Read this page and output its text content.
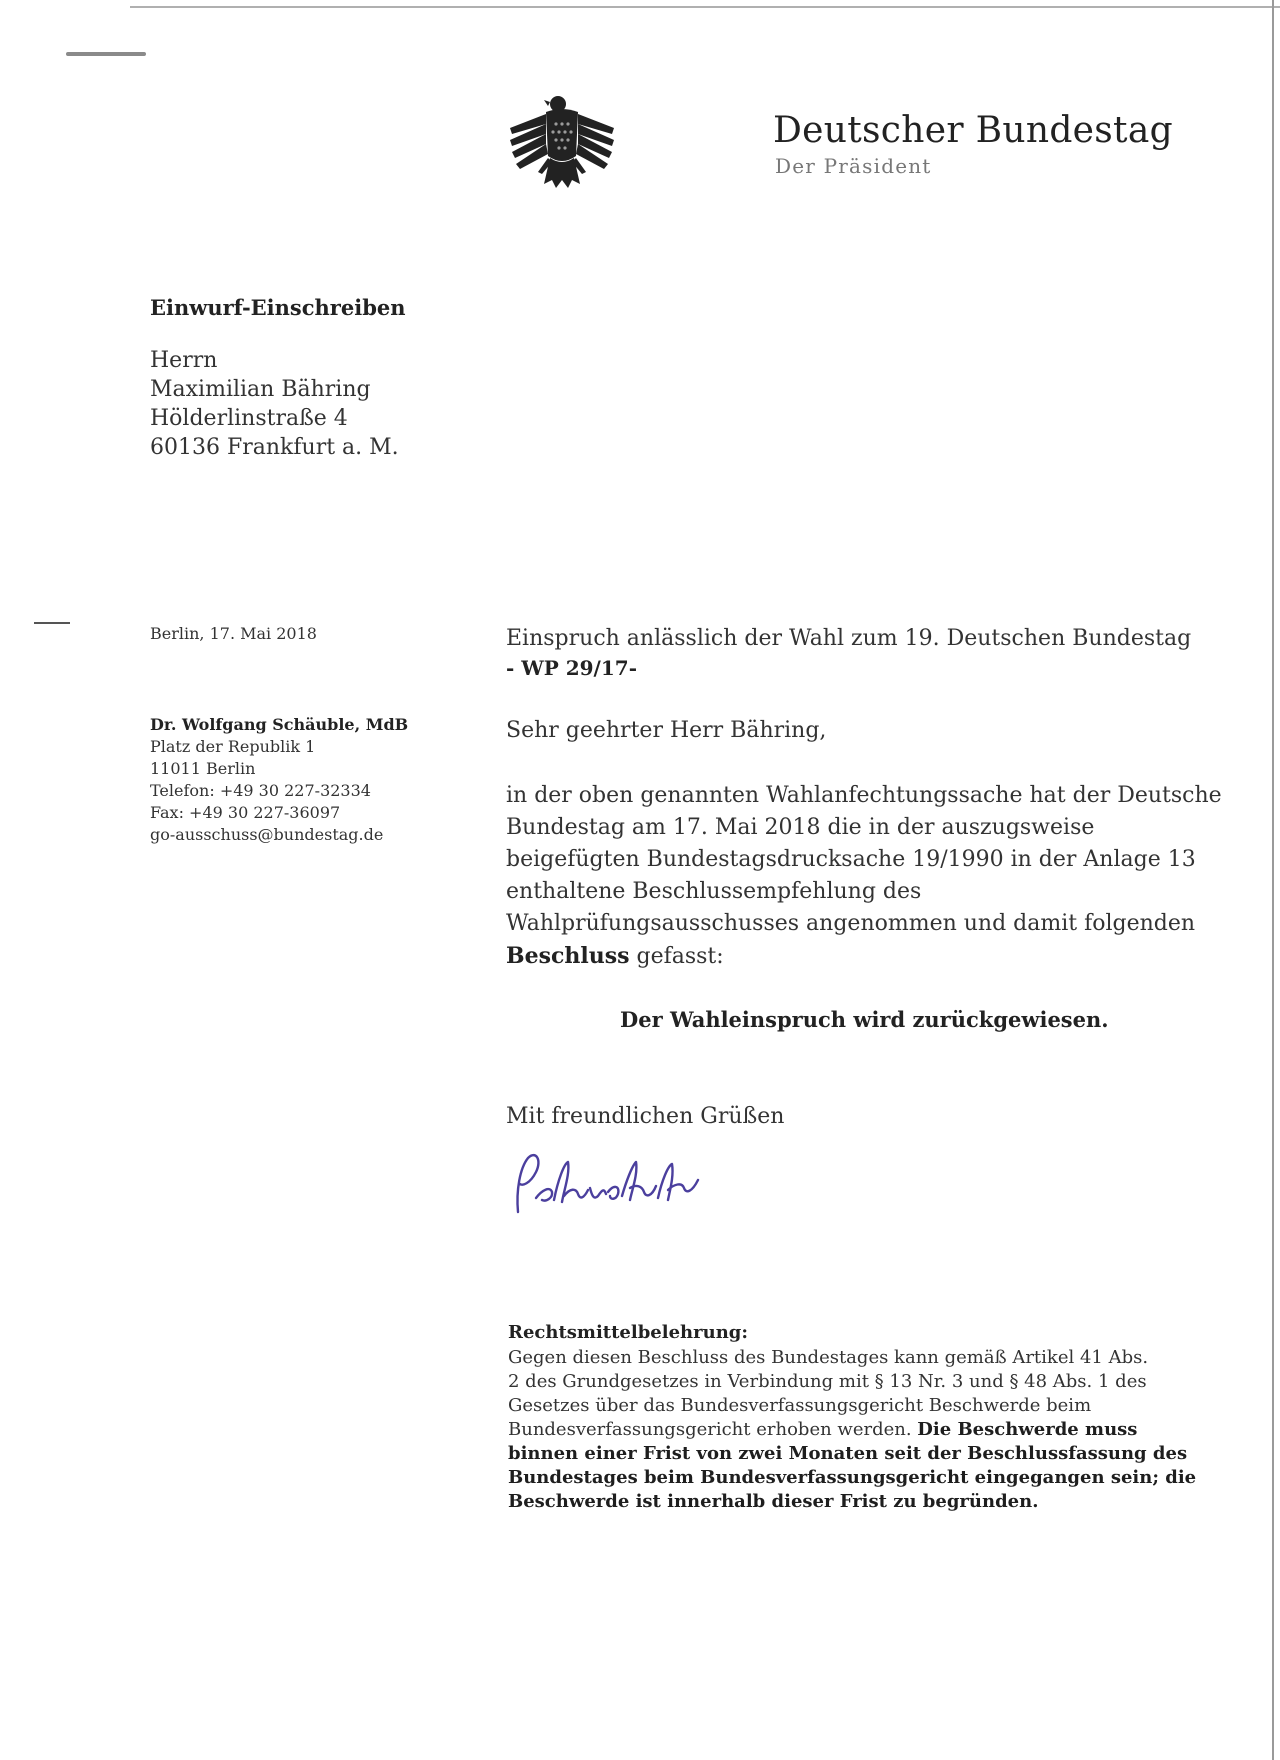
Deutscher Bundestag
Der Präsident
Einwurf-Einschreiben
Herrn
Maximilian Bähring
Hölderlinstraße 4
60136 Frankfurt a. M.
Berlin, 17. Mai 2018
Dr. Wolfgang Schäuble, MdB
Platz der Republik 1
11011 Berlin
Telefon: +49 30 227-32334
Fax: +49 30 227-36097
go-ausschuss@bundestag.de
Einspruch anlässlich der Wahl zum 19. Deutschen Bundestag
- WP 29/17-
Sehr geehrter Herr Bähring,
in der oben genannten Wahlanfechtungssache hat der Deutsche
Bundestag am 17. Mai 2018 die in der auszugsweise
beigefügten Bundestagsdrucksache 19/1990 in der Anlage 13
enthaltene Beschlussempfehlung des
Wahlprüfungsausschusses angenommen und damit folgenden
Beschluss gefasst:
Der Wahleinspruch wird zurückgewiesen.
Mit freundlichen Grüßen
Rechtsmittelbelehrung:
Gegen diesen Beschluss des Bundestages kann gemäß Artikel 41 Abs.
2 des Grundgesetzes in Verbindung mit § 13 Nr. 3 und § 48 Abs. 1 des
Gesetzes über das Bundesverfassungsgericht Beschwerde beim
Bundesverfassungsgericht erhoben werden. Die Beschwerde muss
binnen einer Frist von zwei Monaten seit der Beschlussfassung des
Bundestages beim Bundesverfassungsgericht eingegangen sein; die
Beschwerde ist innerhalb dieser Frist zu begründen.
